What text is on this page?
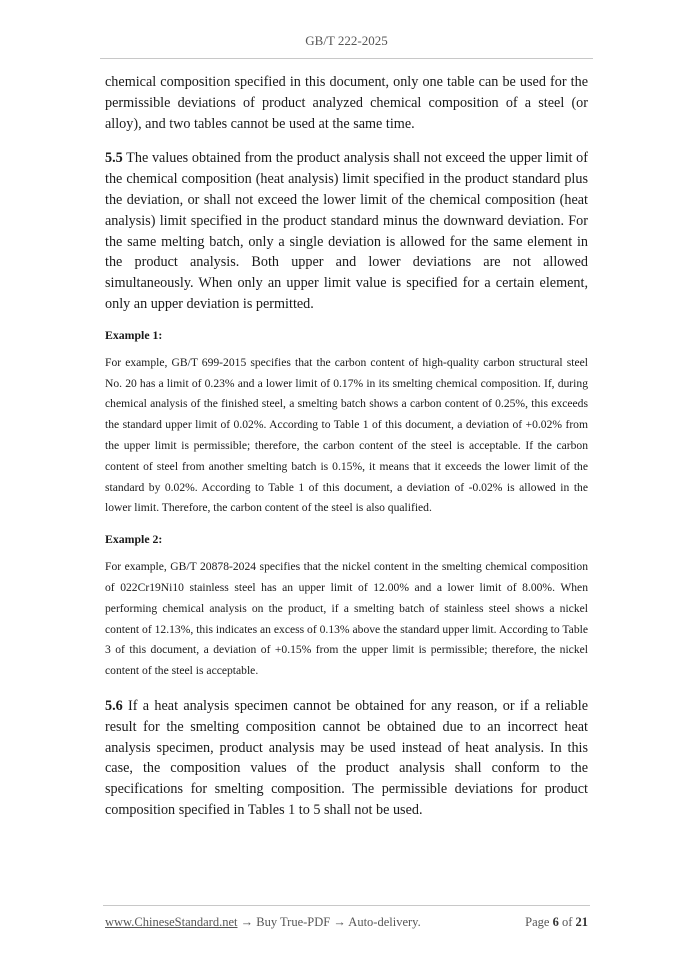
GB/T 222-2025

chemical composition specified in this document, only one table can be used for the permissible deviations of product analyzed chemical composition of a steel (or alloy), and two tables cannot be used at the same time.

5.5 The values obtained from the product analysis shall not exceed the upper limit of the chemical composition (heat analysis) limit specified in the product standard plus the deviation, or shall not exceed the lower limit of the chemical composition (heat analysis) limit specified in the product standard minus the downward deviation. For the same melting batch, only a single deviation is allowed for the same element in the product analysis. Both upper and lower deviations are not allowed simultaneously. When only an upper limit value is specified for a certain element, only an upper deviation is permitted.

Example 1:

For example, GB/T 699-2015 specifies that the carbon content of high-quality carbon structural steel No. 20 has a limit of 0.23% and a lower limit of 0.17% in its smelting chemical composition. If, during chemical analysis of the finished steel, a smelting batch shows a carbon content of 0.25%, this exceeds the standard upper limit of 0.02%. According to Table 1 of this document, a deviation of +0.02% from the upper limit is permissible; therefore, the carbon content of the steel is acceptable. If the carbon content of steel from another smelting batch is 0.15%, it means that it exceeds the lower limit of the standard by 0.02%. According to Table 1 of this document, a deviation of -0.02% is allowed in the lower limit. Therefore, the carbon content of the steel is also qualified.

Example 2:

For example, GB/T 20878-2024 specifies that the nickel content in the smelting chemical composition of 022Cr19Ni10 stainless steel has an upper limit of 12.00% and a lower limit of 8.00%. When performing chemical analysis on the product, if a smelting batch of stainless steel shows a nickel content of 12.13%, this indicates an excess of 0.13% above the standard upper limit. According to Table 3 of this document, a deviation of +0.15% from the upper limit is permissible; therefore, the nickel content of the steel is acceptable.

5.6 If a heat analysis specimen cannot be obtained for any reason, or if a reliable result for the smelting composition cannot be obtained due to an incorrect heat analysis specimen, product analysis may be used instead of heat analysis. In this case, the composition values of the product analysis shall conform to the specifications for smelting composition. The permissible deviations for product composition specified in Tables 1 to 5 shall not be used.

www.ChineseStandard.net → Buy True-PDF → Auto-delivery.	Page 6 of 21
